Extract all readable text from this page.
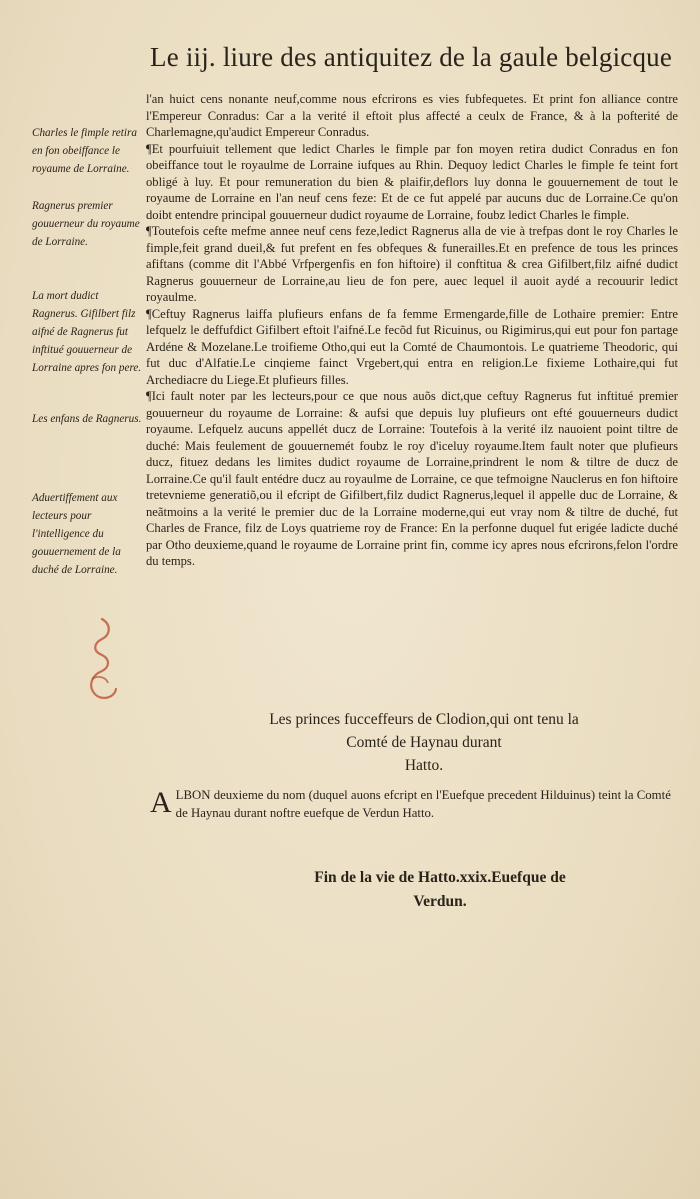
Le iij. liure des antiquitez de la gaule belgicque
Charles le fimple retira en fon obeiffance le royaume de Lorraine.
Ragnerus premier gouuerneur du royaume de Lorraine.
La mort dudict Ragnerus. Gifilbert filz aifné de Ragnerus fut inftitué gouuerneur de Lorraine apres fon pere.
Les enfans de Ragnerus.
Aduertiffement aux lecteurs pour l'intelligence du gouuernement de la duché de Lorraine.

l'an huict cens nonante neuf,comme nous efcrirons es vies fubfequetes. Et print fon alliance contre l'Empereur Conradus: Car a la verité il eftoit plus affecté a ceulx de France, & à la pofterité de Charlemagne,qu'audict Empereur Conradus.

¶Et pourfuiuit tellement que ledict Charles le fimple par fon moyen retira dudict Conradus en fon obeiffance tout le royaulme de Lorraine iufques au Rhin. Dequoy ledict Charles le fimple fe teint fort obligé à luy. Et pour remuneration du bien & plaifir,deflors luy donna le gouuernement de tout le royaume de Lorraine en l'an neuf cens feze: Et de ce fut appelé par aucuns duc de Lorraine.Ce qu'on doibt entendre principal gouuerneur dudict royaume de Lorraine, foubz ledict Charles le fimple.

¶Toutefois cefte mefme annee neuf cens feze,ledict Ragnerus alla de vie à trefpas dont le roy Charles le fimple,feit grand dueil,& fut prefent en fes obfeques & funerailles.Et en prefence de tous les princes afiftans (comme dit l'Abbé Vrfpergenfis en fon hiftoire) il conftitua & crea Gifilbert,filz aifné dudict Ragnerus gouuerneur de Lorraine,au lieu de fon pere, auec lequel il auoit aydé a recouurir ledict royaulme.

¶Ceftuy Ragnerus laiffa plufieurs enfans de fa femme Ermengarde,fille de Lothaire premier: Entre lefquelz le deffufdict Gifilbert eftoit l'aifné.Le fecõd fut Ricuinus, ou Rigimirus,qui eut pour fon partage Ardéne & Mozelane.Le troifieme Otho,qui eut la Comté de Chaumontois. Le quatrieme Theodoric, qui fut duc d'Alfatie.Le cinqieme fainct Vrgebert,qui entra en religion.Le fixieme Lothaire,qui fut Archediacre du Liege.Et plufieurs filles.

¶Ici fault noter par les lecteurs,pour ce que nous auõs dict,que ceftuy Ragnerus fut inftitué premier gouuerneur du royaume de Lorraine: & aufsi que depuis luy plufieurs ont efté gouuerneurs dudict royaume. Lefquelz aucuns appellét ducz de Lorraine: Toutefois à la verité ilz nauoient point tiltre de duché: Mais feulement de gouuernemét foubz le roy d'iceluy royaume.Item fault noter que plufieurs ducz, fituez dedans les limites dudict royaume de Lorraine,prindrent le nom & tiltre de ducz de Lorraine.Ce qu'il fault entédre ducz au royaulme de Lorraine, ce que tefmoigne Nauclerus en fon hiftoire tretevnieme generatiõ,ou il efcript de Gifilbert,filz dudict Ragnerus,lequel il appelle duc de Lorraine, & neãtmoins a la verité le premier duc de la Lorraine moderne,qui eut vray nom & tiltre de duché, fut Charles de France, filz de Loys quatrieme roy de France: En la perfonne duquel fut erigée ladicte duché par Otho deuxieme,quand le royaume de Lorraine print fin, comme icy apres nous efcrirons,felon l'ordre du temps.

Les princes fucceffeurs de Clodion,qui ont tenu la
Comté de Haynau durant
Hatto.
A LBON deuxieme du nom (duquel auons efcript en l'Euefque precedent Hilduinus) teint la Comté de Haynau durant noftre euefque de Verdun Hatto.
Fin de la vie de Hatto.xxix.Euefque de
Verdun.
